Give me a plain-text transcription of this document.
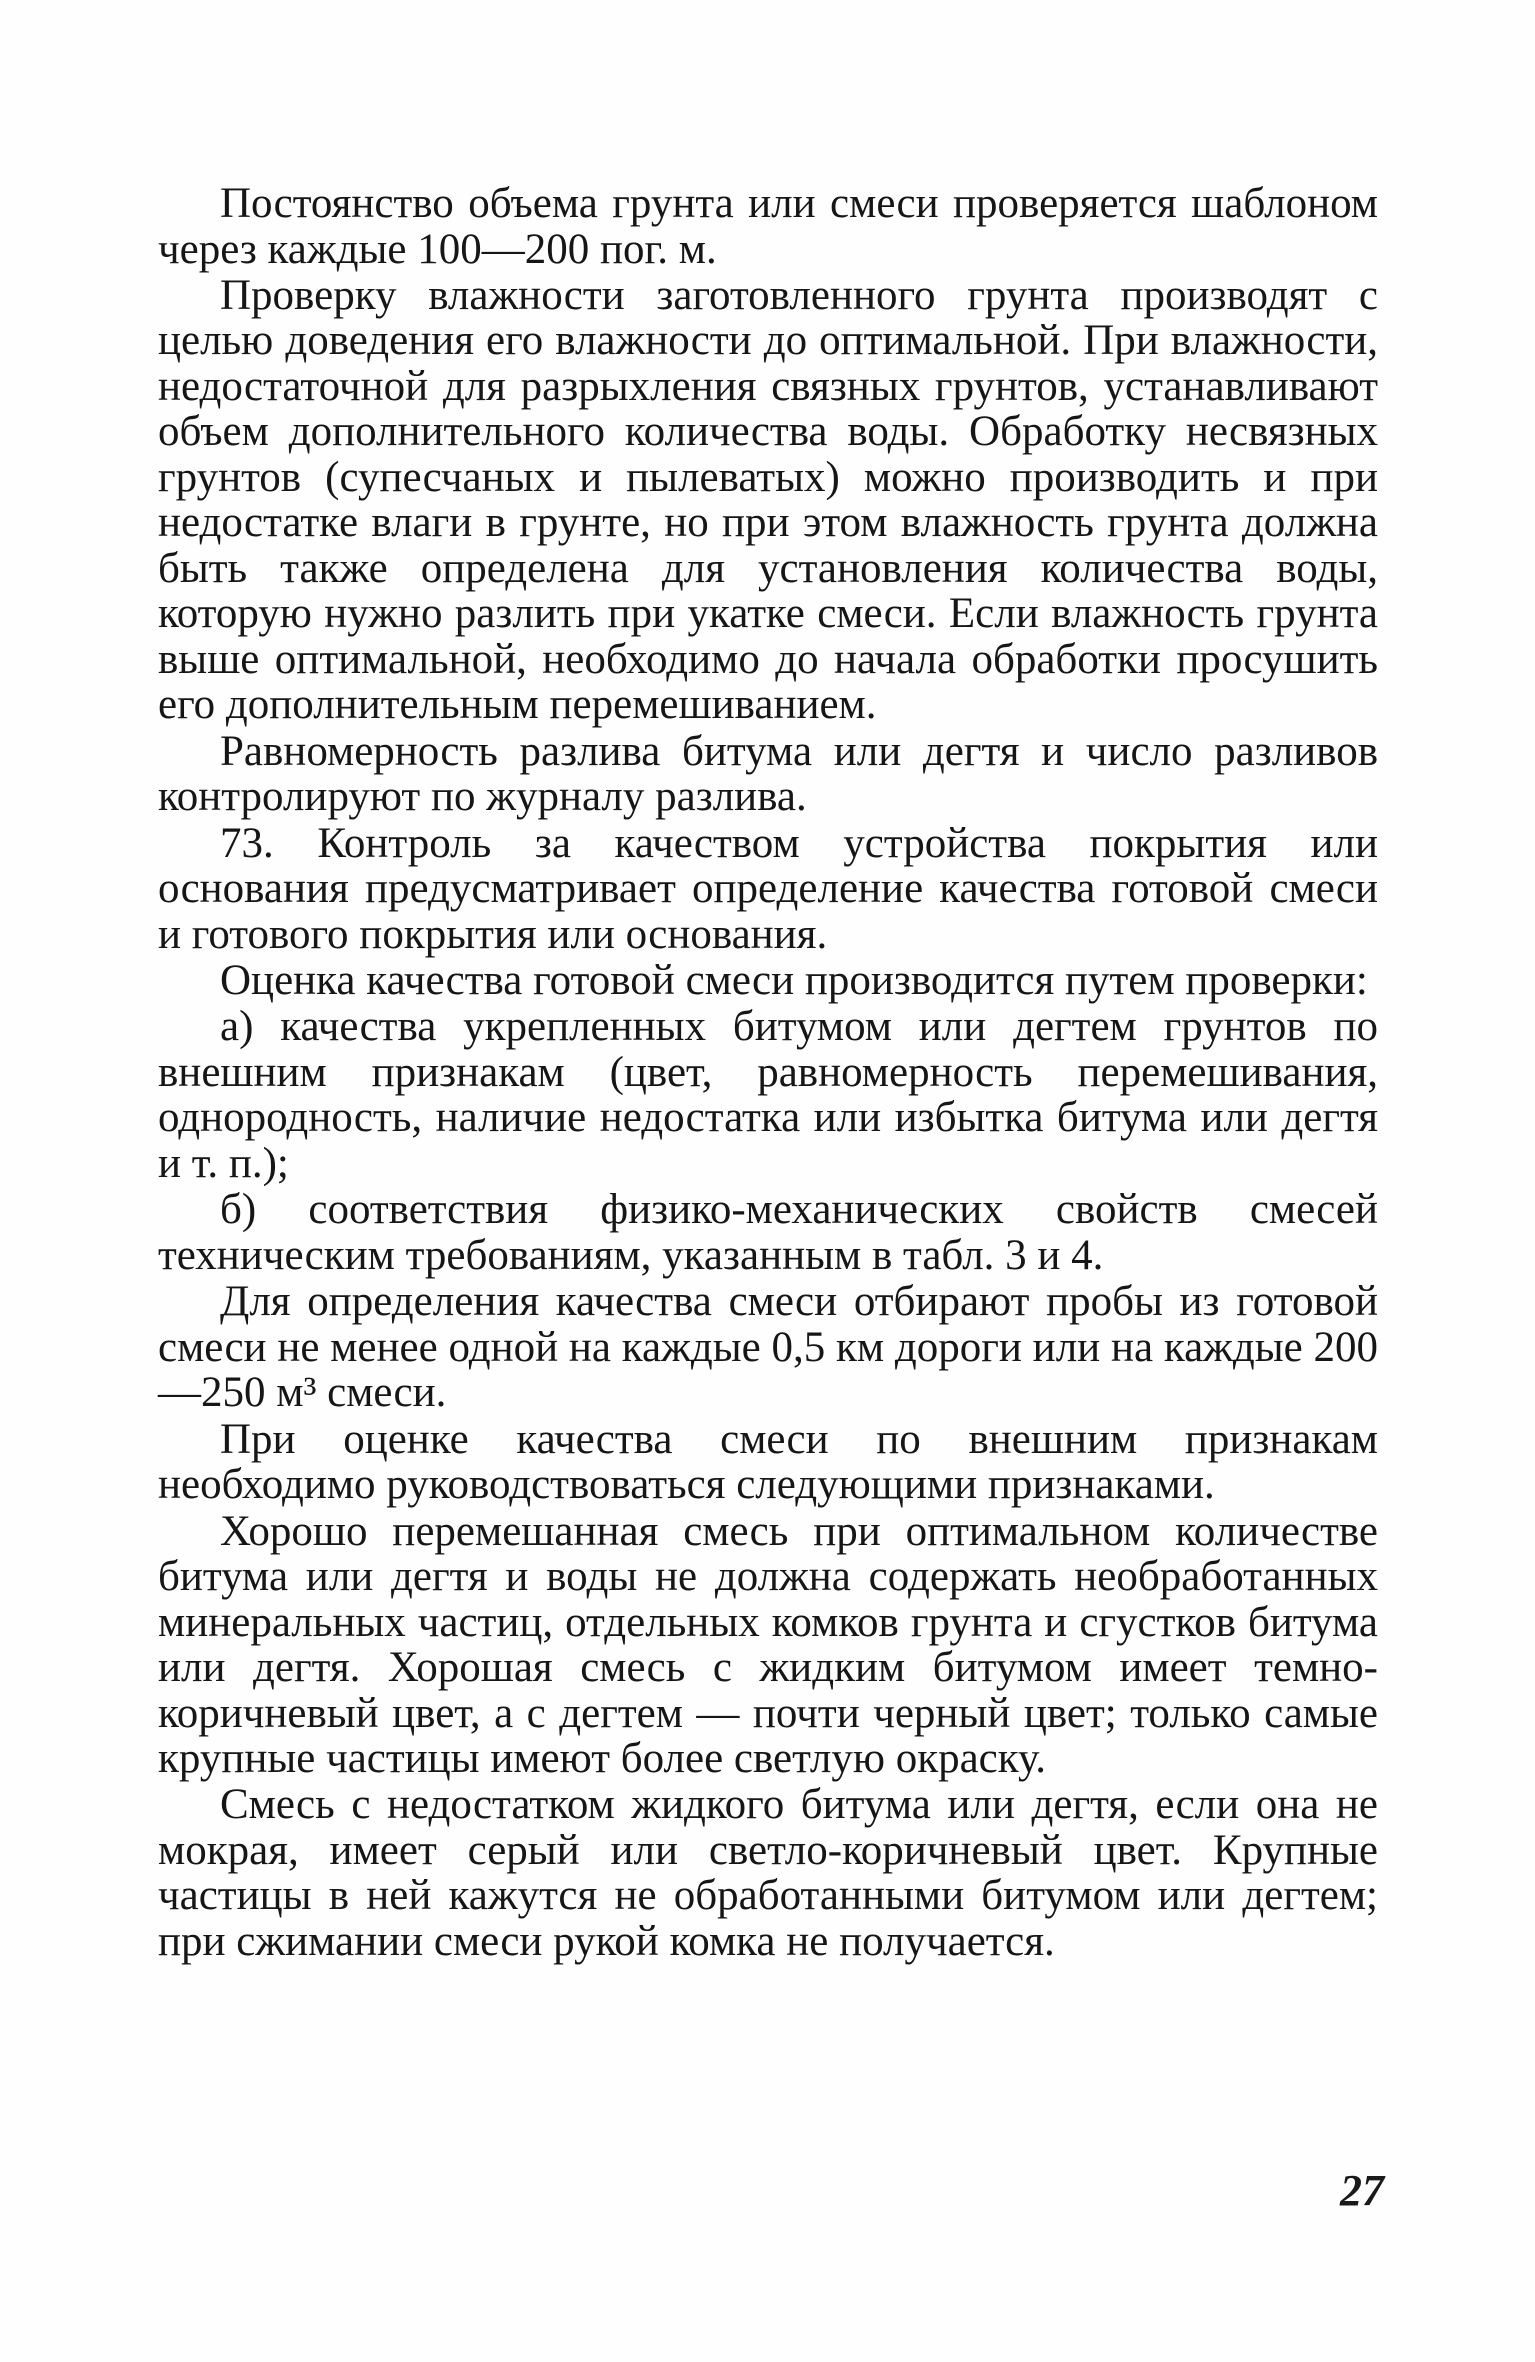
Постоянство объема грунта или смеси проверяется шаблоном через каждые 100—200 пог. м.

Проверку влажности заготовленного грунта производят с целью доведения его влажности до оптимальной. При влажности, недостаточной для разрыхления связных грунтов, устанавливают объем дополнительного количества воды. Обработку несвязных грунтов (супесчаных и пылеватых) можно производить и при недостатке влаги в грунте, но при этом влажность грунта должна быть также определена для установления количества воды, которую нужно разлить при укатке смеси. Если влажность грунта выше оптимальной, необходимо до начала обработки просушить его дополнительным перемешиванием.

Равномерность разлива битума или дегтя и число разливов контролируют по журналу разлива.

73. Контроль за качеством устройства покрытия или основания предусматривает определение качества готовой смеси и готового покрытия или основания.

Оценка качества готовой смеси производится путем проверки:

а) качества укрепленных битумом или дегтем грунтов по внешним признакам (цвет, равномерность перемешивания, однородность, наличие недостатка или избытка битума или дегтя и т. п.);

б) соответствия физико-механических свойств смесей техническим требованиям, указанным в табл. 3 и 4.

Для определения качества смеси отбирают пробы из готовой смеси не менее одной на каждые 0,5 км дороги или на каждые 200—250 м³ смеси.

При оценке качества смеси по внешним признакам необходимо руководствоваться следующими признаками.

Хорошо перемешанная смесь при оптимальном количестве битума или дегтя и воды не должна содержать необработанных минеральных частиц, отдельных комков грунта и сгустков битума или дегтя. Хорошая смесь с жидким битумом имеет темно-коричневый цвет, а с дегтем — почти черный цвет; только самые крупные частицы имеют более светлую окраску.

Смесь с недостатком жидкого битума или дегтя, если она не мокрая, имеет серый или светло-коричневый цвет. Крупные частицы в ней кажутся не обработанными битумом или дегтем; при сжимании смеси рукой комка не получается.

27
